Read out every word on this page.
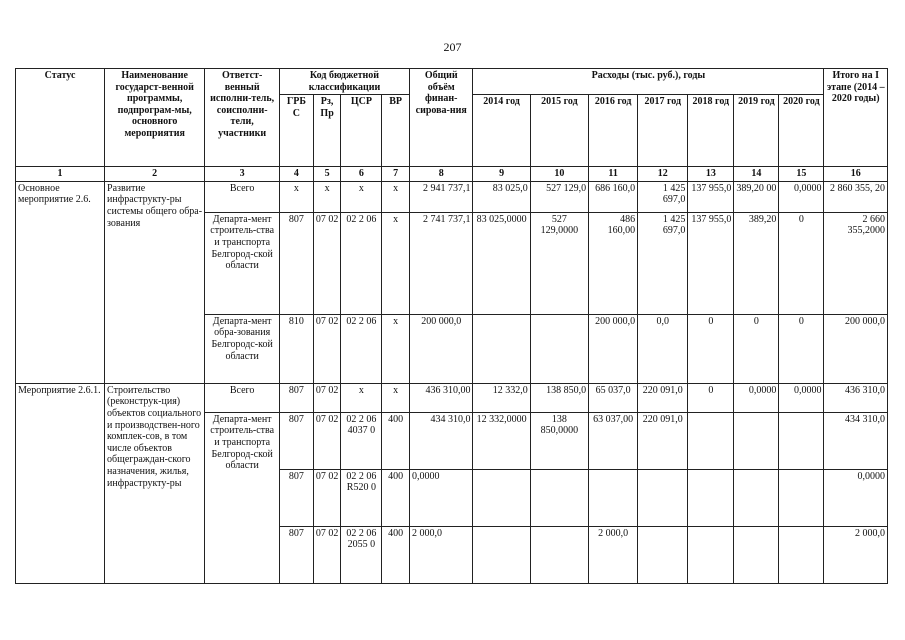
207
Статус	Наименование государст-венной программы, подпрограм-мы, основного мероприятия	Ответст-венный исполни-тель, соисполни-тели, участники	Код бюджетной классификации				Общий объём финан-сирова-ния	Расходы (тыс. руб.), годы							Итого на I этапе (2014 – 2020 годы)
			ГРБ С	Рз, Пр	ЦСР	ВР		2014 год	2015 год	2016 год	2017 год	2018 год	2019 год	2020 год	
1	2	3	4	5	6	7	8	9	10	11	12	13	14	15	16
Основное мероприятие 2.6.	Развитие инфраструкту-ры системы общего обра-зования	Всего	х	х	х	х	2 941 737,1	83 025,0	527 129,0	686 160,0	1 425 697,0	137 955,0	389,20 00	0,0000	2 860 355, 20
		Департа-мент строитель-ства и транспорта Белгород-ской области	807	07 02	02 2 06	х	2 741 737,1	83 025,0000	527 129,0000	486 160,00	1 425 697,0	137 955,0	389,20	0	2 660 355,2000
		Департа-мент обра-зования Белгородс-кой области	810	07 02	02 2 06	х	200 000,0			200 000,0	0,0	0	0	0	200 000,0
Мероприятие 2.6.1.	Строительство (реконструк-ция) объектов социального и производствен-ного комплек-сов, в том числе объектов общеграждан-ского назначения, жилья, инфраструкту-ры	Всего	807	07 02	х	х	436 310,00	12 332,0	138 850,0	65 037,0	220 091,0	0	0,0000	0,0000	436 310,0
		Департа-мент строитель-ства и транспорта Белгород-ской области	807	07 02	02 2 06 4037 0	400	434 310,0	12 332,0000	138 850,0000	63 037,00	220 091,0				434 310,0
			807	07 02	02 2 06 R520 0	400	0,0000								0,0000
			807	07 02	02 2 06 2055 0	400	2 000,0			2 000,0					2 000,0
